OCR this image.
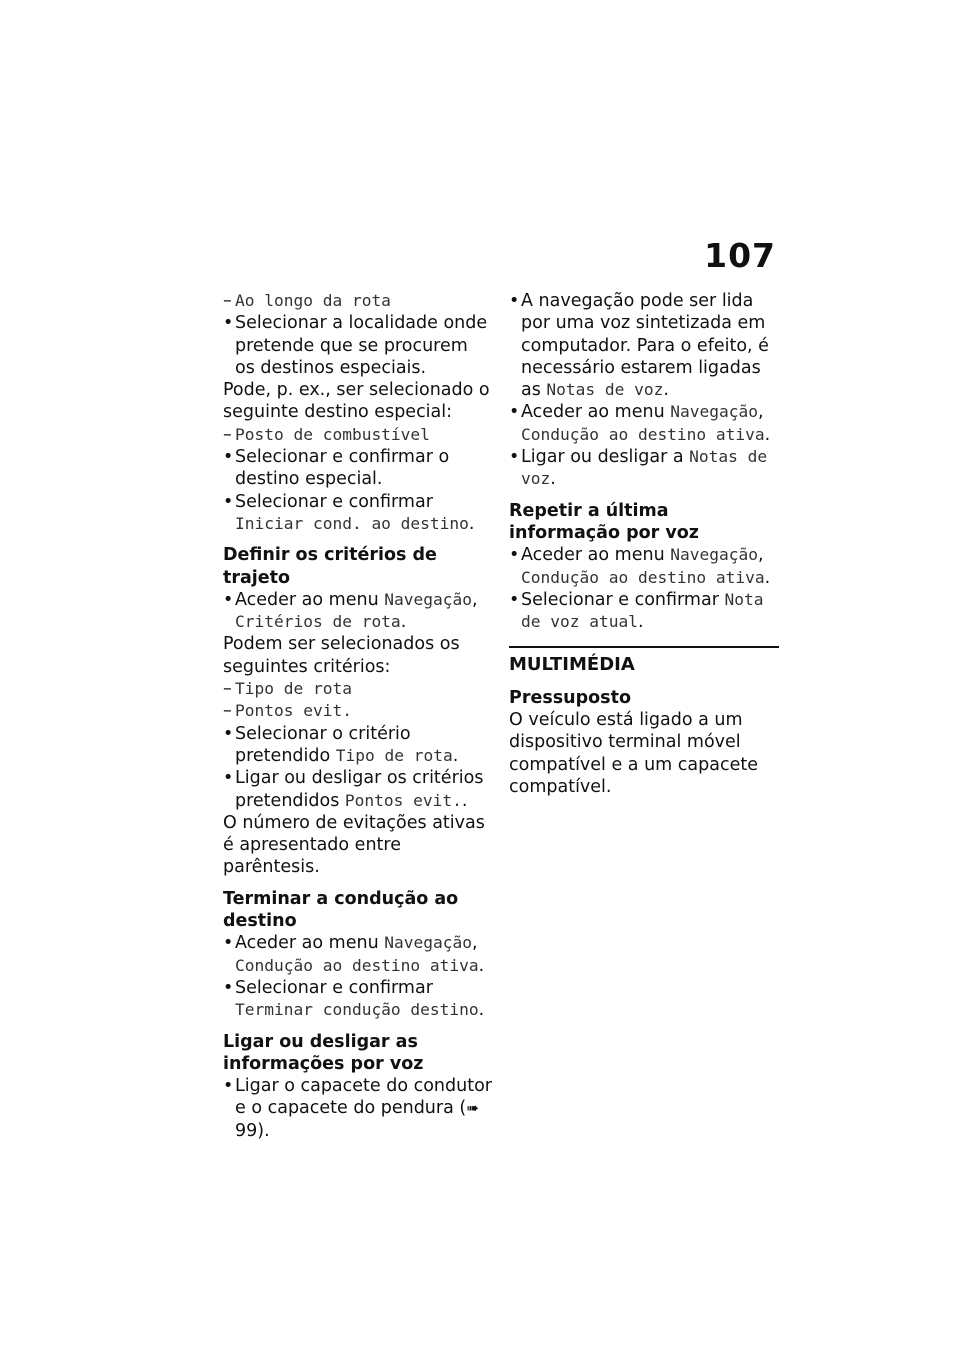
107
– Ao longo da rota
• Selecionar a localidade onde pretende que se procurem os destinos especiais.
Pode, p. ex., ser selecionado o seguinte destino especial:
– Posto de combustível
• Selecionar e confirmar o destino especial.
• Selecionar e confirmar Iniciar cond. ao destino.
Definir os critérios de trajeto
• Aceder ao menu Navegação, Critérios de rota.
Podem ser selecionados os seguintes critérios:
– Tipo de rota
– Pontos evit.
• Selecionar o critério pretendido Tipo de rota.
• Ligar ou desligar os critérios pretendidos Pontos evit..
O número de evitações ativas é apresentado entre parêntesis.
Terminar a condução ao destino
• Aceder ao menu Navegação, Condução ao destino ativa.
• Selecionar e confirmar Terminar condução destino.
Ligar ou desligar as informações por voz
• Ligar o capacete do condutor e o capacete do pendura (➠ 99).
• A navegação pode ser lida por uma voz sintetizada em computador. Para o efeito, é necessário estarem ligadas as Notas de voz.
• Aceder ao menu Navegação, Condução ao destino ativa.
• Ligar ou desligar a Notas de voz.
Repetir a última informação por voz
• Aceder ao menu Navegação, Condução ao destino ativa.
• Selecionar e confirmar Nota de voz atual.
MULTIMÉDIA
Pressuposto
O veículo está ligado a um dispositivo terminal móvel compatível e a um capacete compatível.
